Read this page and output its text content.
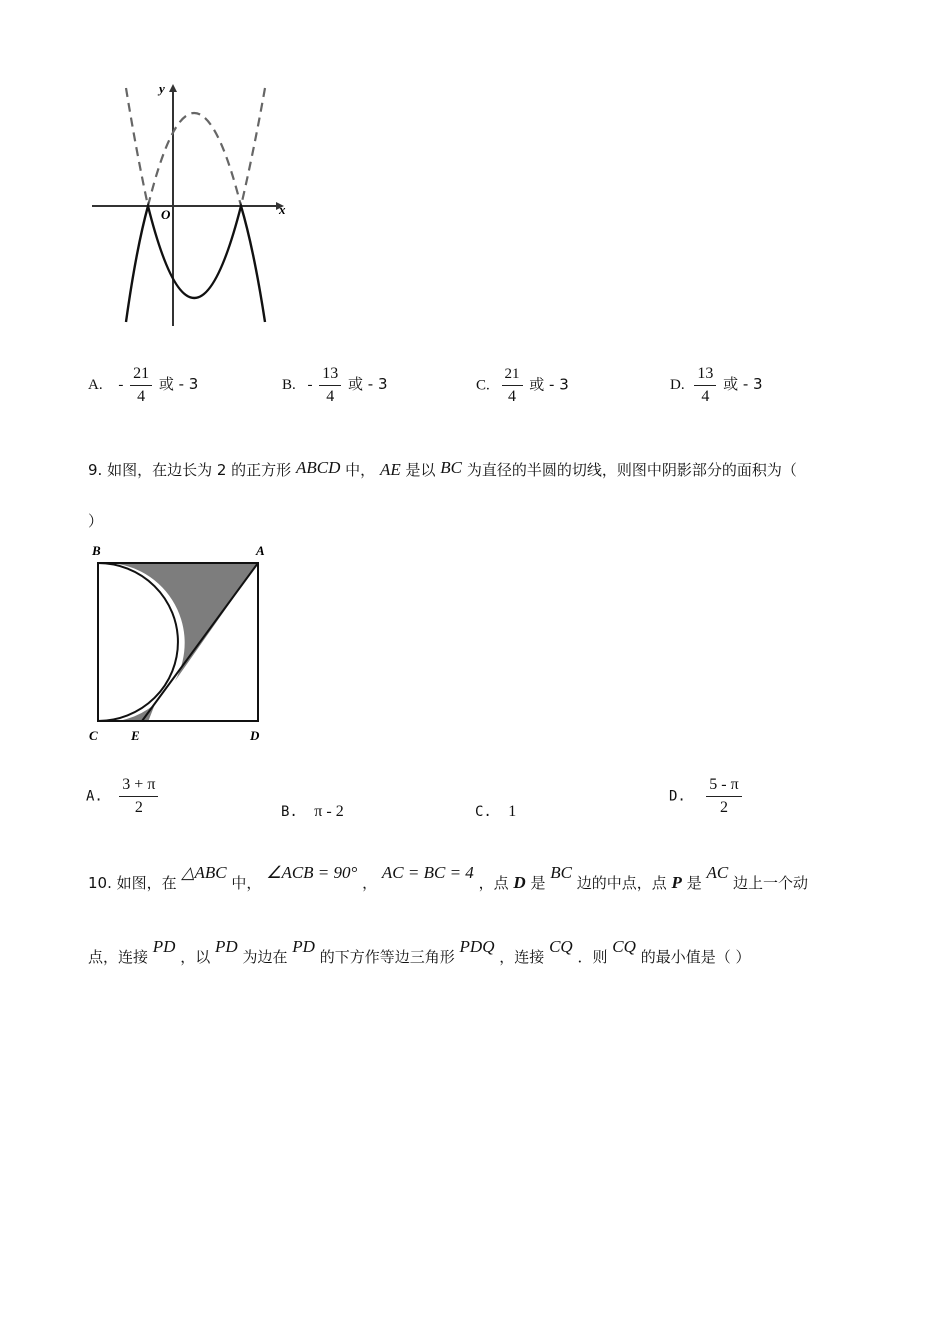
y
x
O
A. - $\frac{21}{4}$ 或 - 3	B. - $\frac{13}{4}$ 或 - 3	C. $\frac{21}{4}$ 或 - 3	D. $\frac{13}{4}$ 或 - 3
9. 如图，在边长为 2 的正方形 ABCD 中， AE 是以 BC 为直径的半圆的切线，则图中阴影部分的面积为（
）
B	A
C	E	D
A. $\frac{3 + \pi}{2}$	B. π - 2	C. 1
D. $\frac{5 - \pi}{2}$
10. 如图，在 △ABC 中， ∠ACB = 90° ， AC = BC = 4 ，点 D 是 BC 边的中点，点 P 是 AC 边上一个动
点，连接 PD ，以 PD 为边在 PD 的下方作等边三角形 PDQ ，连接 CQ ．则 CQ 的最小值是（ ）
